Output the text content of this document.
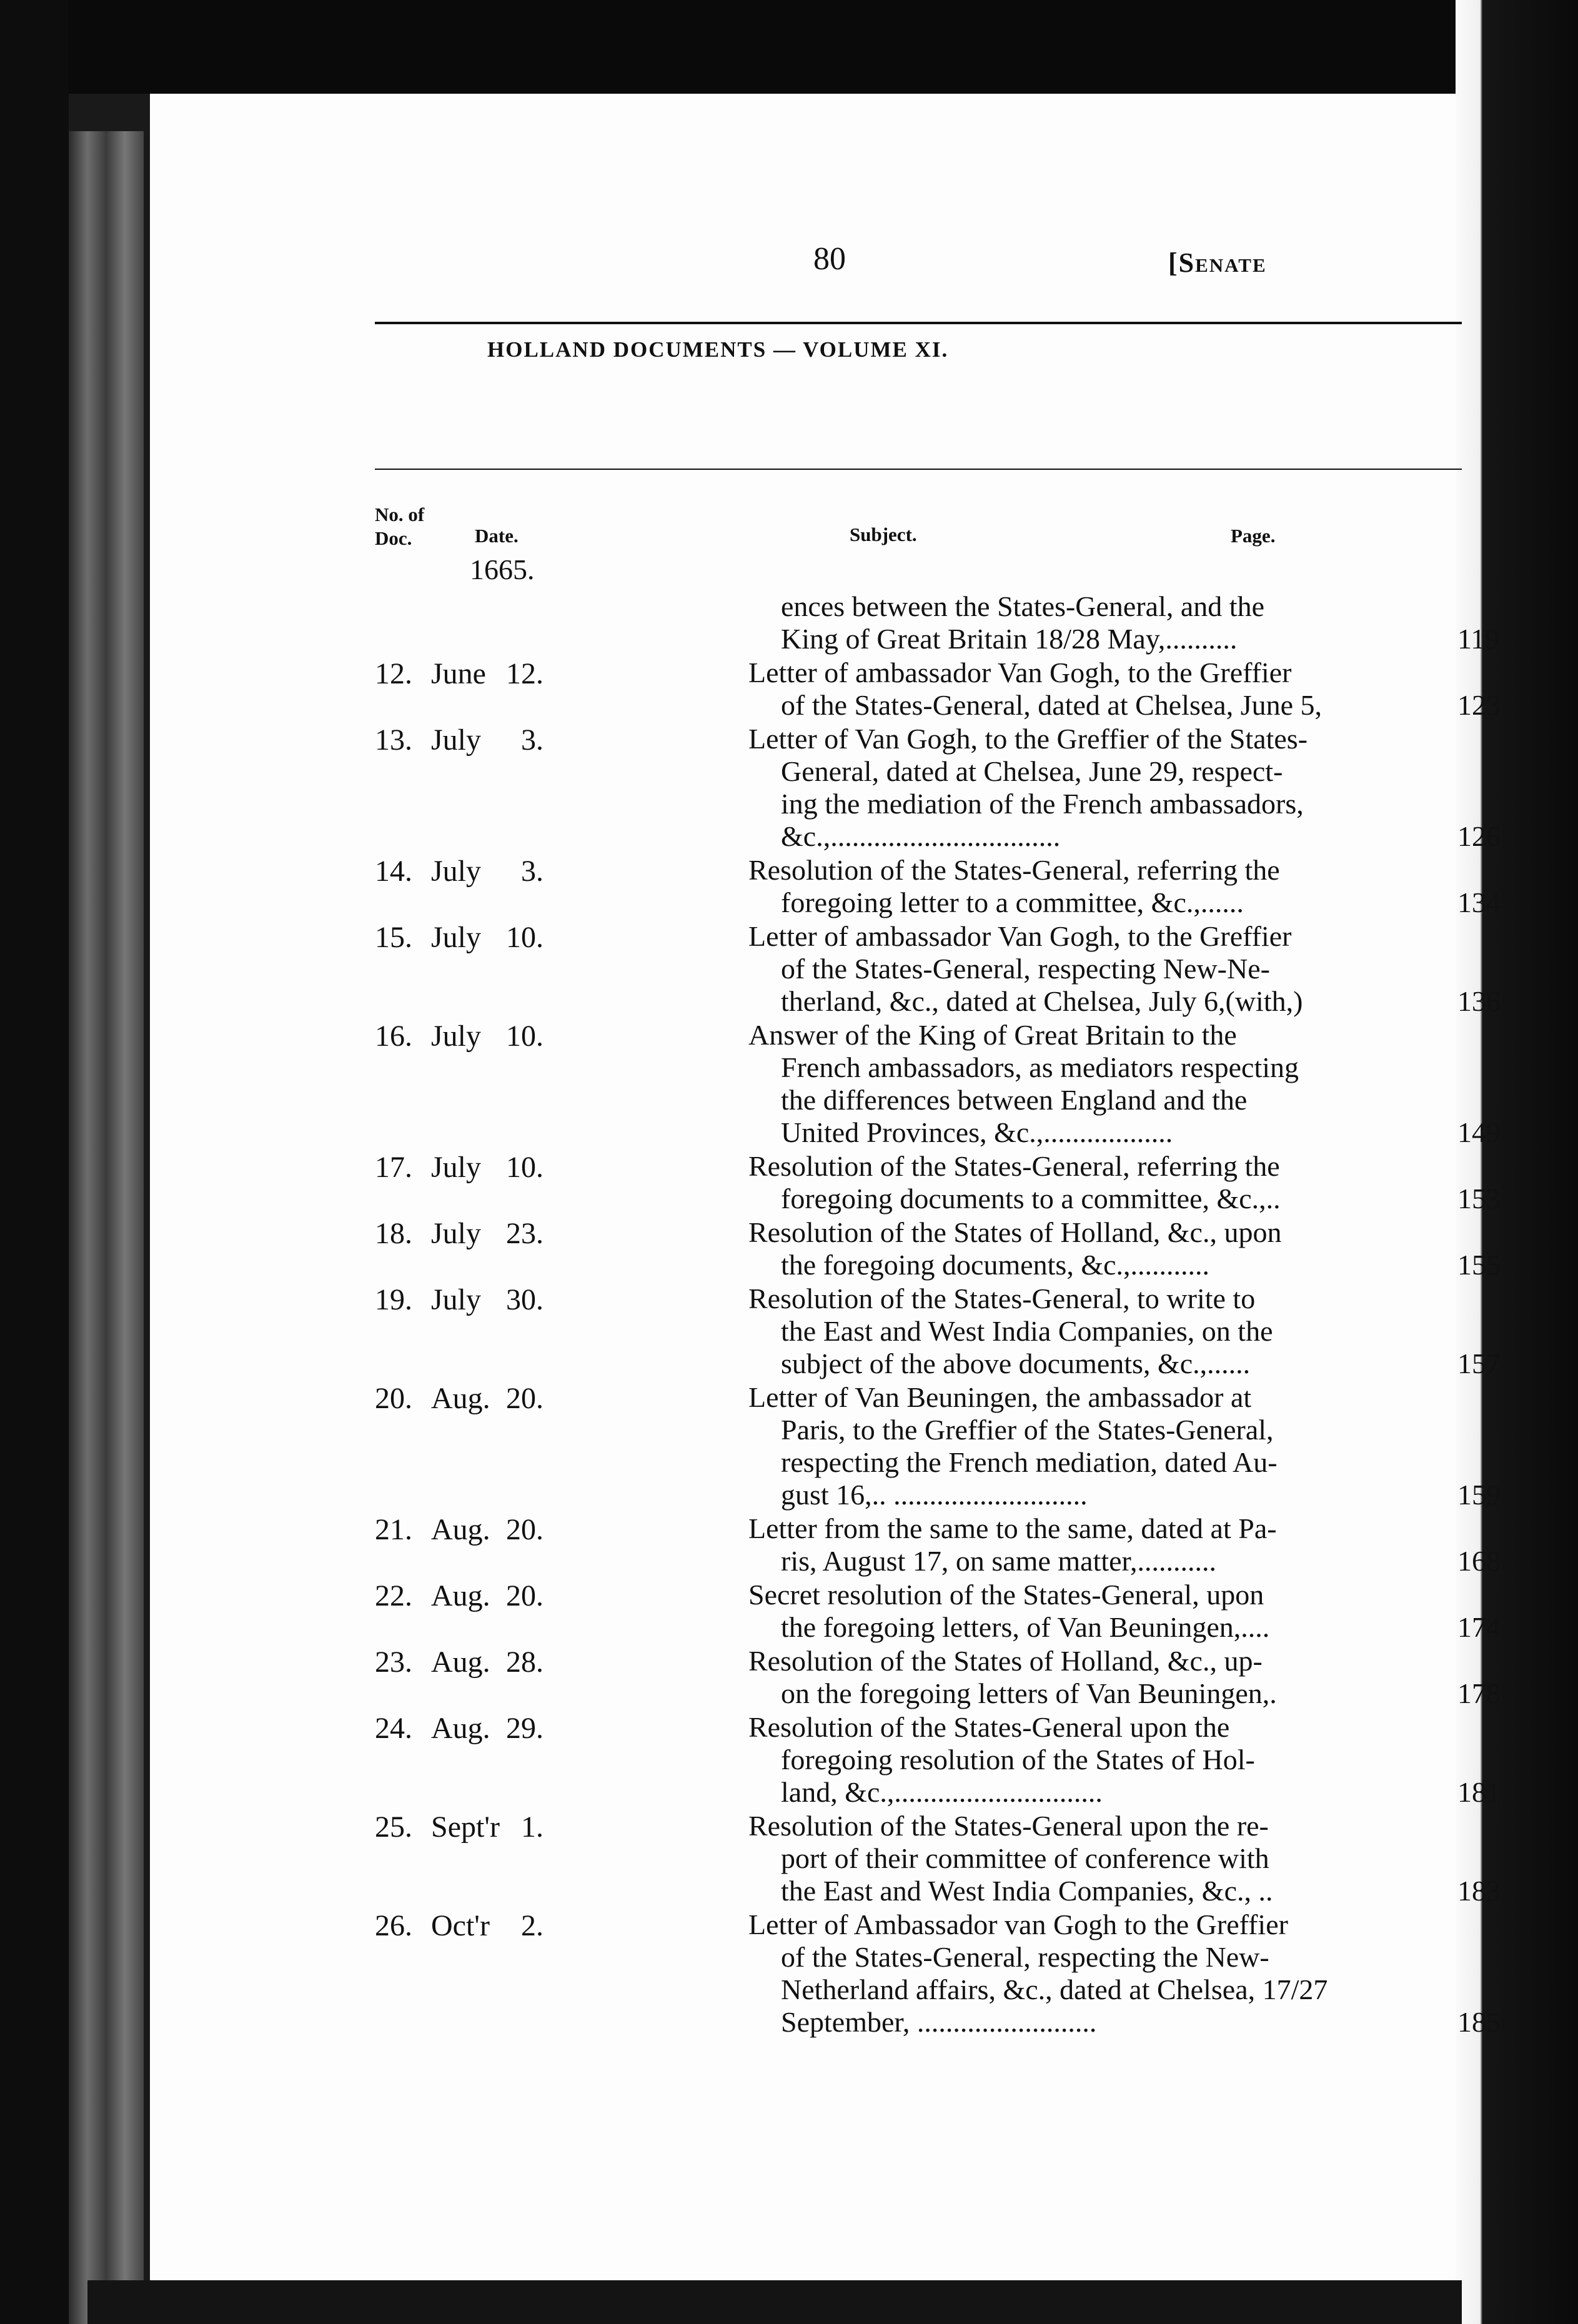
80	[Senate
HOLLAND DOCUMENTS — VOLUME XI.
No. of Doc.	Date.	Subject.	Page.
1665.
ences between the States-General, and the
King of Great Britain 18/28 May,..........	119
12. June 12.	Letter of ambassador Van Gogh, to the Greffier
of the States-General, dated at Chelsea, June 5,	123
13. July 3.	Letter of Van Gogh, to the Greffier of the States-
General, dated at Chelsea, June 29, respect-
ing the mediation of the French ambassadors,
&c.,................................	126
14. July 3.	Resolution of the States-General, referring the
foregoing letter to a committee, &c.,......	134
15. July 10.	Letter of ambassador Van Gogh, to the Greffier
of the States-General, respecting New-Ne-
therland, &c., dated at Chelsea, July 6,(with,)	136
16. July 10.	Answer of the King of Great Britain to the
French ambassadors, as mediators respecting
the differences between England and the
United Provinces, &c.,..................	149
17. July 10.	Resolution of the States-General, referring the
foregoing documents to a committee, &c.,..	153
18. July 23.	Resolution of the States of Holland, &c., upon
the foregoing documents, &c.,...........	155
19. July 30.	Resolution of the States-General, to write to
the East and West India Companies, on the
subject of the above documents, &c.,......	157
20. Aug. 20.	Letter of Van Beuningen, the ambassador at
Paris, to the Greffier of the States-General,
respecting the French mediation, dated Au-
gust 16,.. ...........................	159
21. Aug. 20.	Letter from the same to the same, dated at Pa-
ris, August 17, on same matter,...........	168
22. Aug. 20.	Secret resolution of the States-General, upon
the foregoing letters, of Van Beuningen,....	174
23. Aug. 28.	Resolution of the States of Holland, &c., up-
on the foregoing letters of Van Beuningen,.	178
24. Aug. 29.	Resolution of the States-General upon the
foregoing resolution of the States of Hol-
land, &c.,.............................	181
25. Sept'r 1.	Resolution of the States-General upon the re-
port of their committee of conference with
the East and West India Companies, &c., ..	183
26. Oct'r 2.	Letter of Ambassador van Gogh to the Greffier
of the States-General, respecting the New-
Netherland affairs, &c., dated at Chelsea, 17/27
September, .........................	185
